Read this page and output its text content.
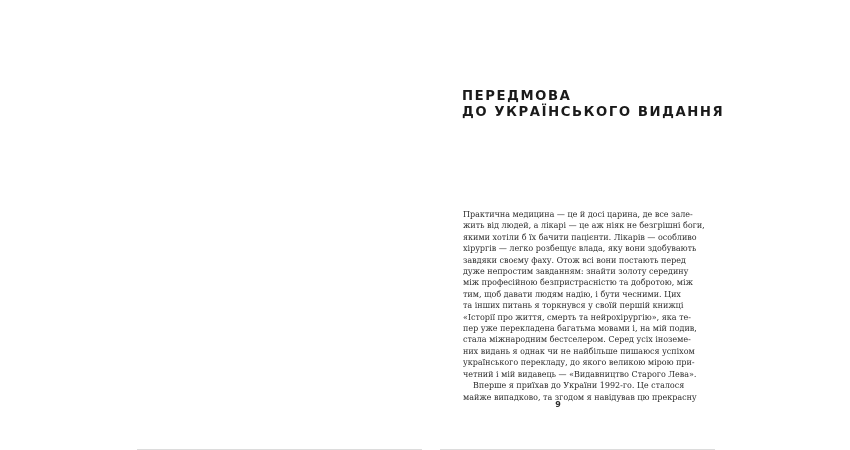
ПЕРЕДМОВА
ДО УКРАЇНСЬКОГО ВИДАННЯ
Практична медицина — це й досі царина, де все зале-
жить від людей, а лікарі — це аж ніяк не безгрішні боги,
якими хотіли б їх бачити пацієнти. Лікарів — особливо
хірургів — легко розбещує влада, яку вони здобувають
завдяки своєму фаху. Отож всі вони постають перед
дуже непростим завданням: знайти золоту середину
між професійною безпристрасністю та добротою, між
тим, щоб давати людям надію, і бути чесними. Цих
та інших питань я торкнувся у своїй першій книжці
«Історії про життя, смерть та нейрохірургію», яка те-
пер уже перекладена багатьма мовами і, на мій подив,
стала міжнародним бестселером. Серед усіх іноземе-
них видань я однак чи не найбільше пишаюся успіхом
українського перекладу, до якого великою мірою при-
четний і мій видавець — «Видавництво Старого Лева».
Вперше я приїхав до України 1992-го. Це сталося
майже випадково, та згодом я навідував цю прекрасну
9
